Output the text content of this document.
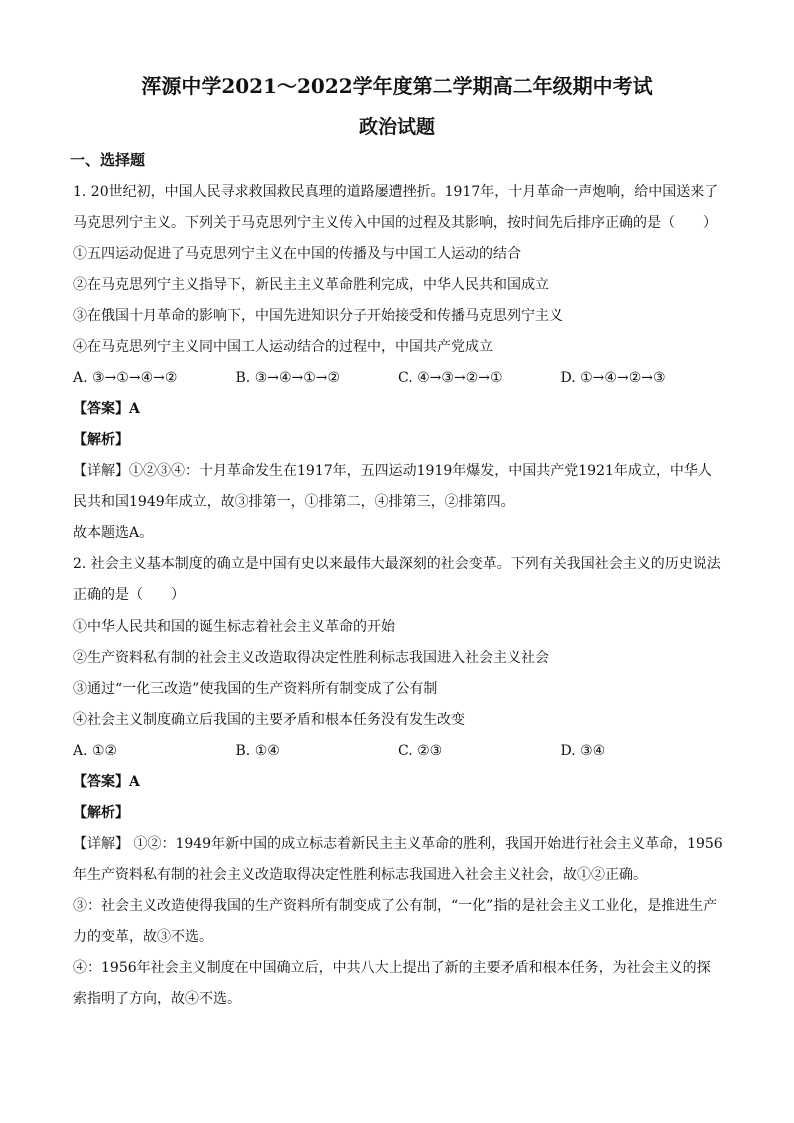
浑源中学2021～2022学年度第二学期高二年级期中考试
政治试题
一、选择题
1. 20世纪初，中国人民寻求救国救民真理的道路屡遭挫折。1917年，十月革命一声炮响，给中国送来了
马克思列宁主义。下列关于马克思列宁主义传入中国的过程及其影响，按时间先后排序正确的是（　　）
①五四运动促进了马克思列宁主义在中国的传播及与中国工人运动的结合
②在马克思列宁主义指导下，新民主主义革命胜利完成，中华人民共和国成立
③在俄国十月革命的影响下，中国先进知识分子开始接受和传播马克思列宁主义
④在马克思列宁主义同中国工人运动结合的过程中，中国共产党成立
A. ③→①→④→②	B. ③→④→①→②	C. ④→③→②→①	D. ①→④→②→③
【答案】A
【解析】
【详解】①②③④：十月革命发生在1917年，五四运动1919年爆发，中国共产党1921年成立，中华人
民共和国1949年成立，故③排第一，①排第二，④排第三，②排第四。
故本题选A。
2. 社会主义基本制度的确立是中国有史以来最伟大最深刻的社会变革。下列有关我国社会主义的历史说法
正确的是（　　）
①中华人民共和国的诞生标志着社会主义革命的开始
②生产资料私有制的社会主义改造取得决定性胜利标志我国进入社会主义社会
③通过“一化三改造”使我国的生产资料所有制变成了公有制
④社会主义制度确立后我国的主要矛盾和根本任务没有发生改变
A. ①②	B. ①④	C. ②③	D. ③④
【答案】A
【解析】
【详解】 ①②：1949年新中国的成立标志着新民主主义革命的胜利，我国开始进行社会主义革命，1956
年生产资料私有制的社会主义改造取得决定性胜利标志我国进入社会主义社会，故①②正确。
③：社会主义改造使得我国的生产资料所有制变成了公有制，“一化”指的是社会主义工业化，是推进生产
力的变革，故③不选。
④：1956年社会主义制度在中国确立后，中共八大上提出了新的主要矛盾和根本任务，为社会主义的探
索指明了方向，故④不选。
